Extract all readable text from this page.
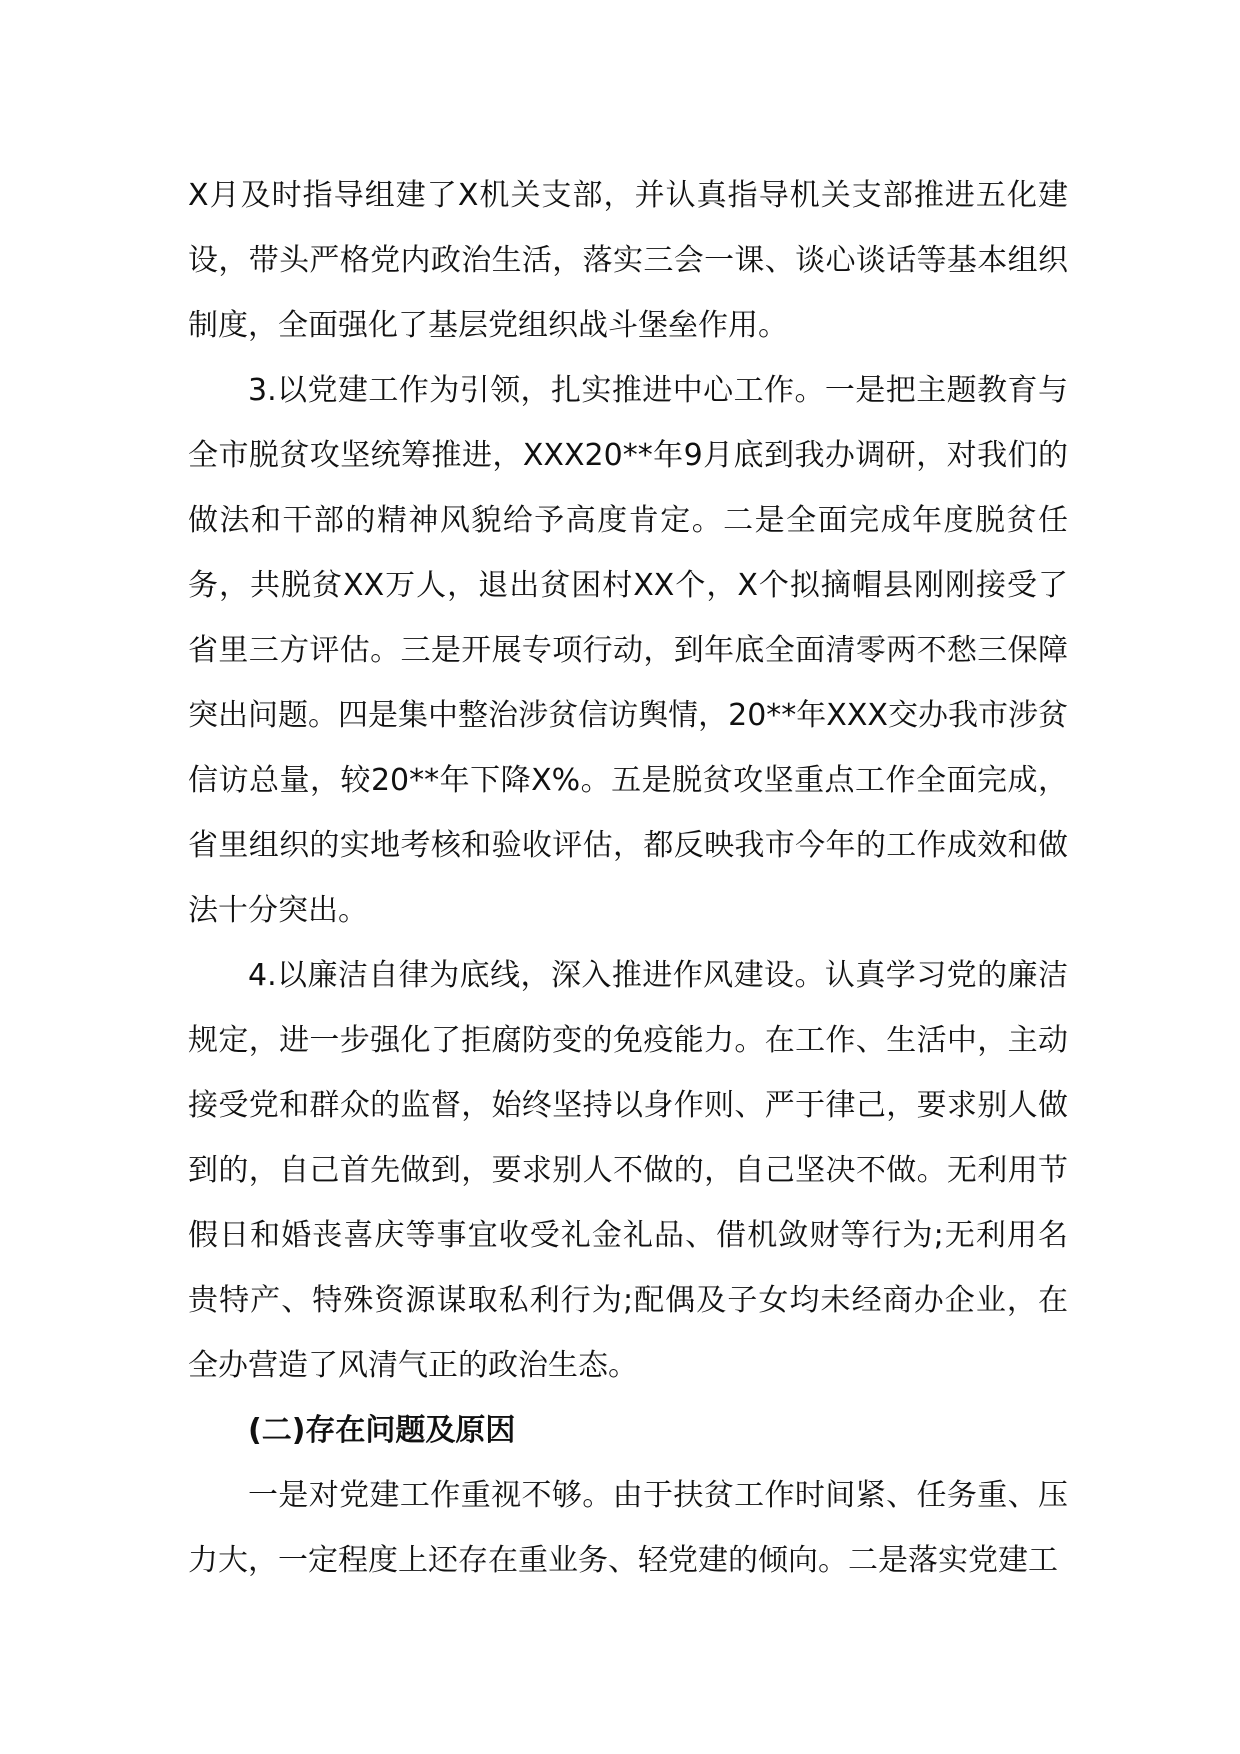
X月及时指导组建了X机关支部，并认真指导机关支部推进五化建设，带头严格党内政治生活，落实三会一课、谈心谈话等基本组织制度，全面强化了基层党组织战斗堡垒作用。

3.以党建工作为引领，扎实推进中心工作。一是把主题教育与全市脱贫攻坚统筹推进，XXX20**年9月底到我办调研，对我们的做法和干部的精神风貌给予高度肯定。二是全面完成年度脱贫任务，共脱贫XX万人，退出贫困村XX个，X个拟摘帽县刚刚接受了省里三方评估。三是开展专项行动，到年底全面清零两不愁三保障突出问题。四是集中整治涉贫信访舆情，20**年XXX交办我市涉贫信访总量，较20**年下降X%。五是脱贫攻坚重点工作全面完成，省里组织的实地考核和验收评估，都反映我市今年的工作成效和做法十分突出。

4.以廉洁自律为底线，深入推进作风建设。认真学习党的廉洁规定，进一步强化了拒腐防变的免疫能力。在工作、生活中，主动接受党和群众的监督，始终坚持以身作则、严于律己，要求别人做到的，自己首先做到，要求别人不做的，自己坚决不做。无利用节假日和婚丧喜庆等事宜收受礼金礼品、借机敛财等行为;无利用名贵特产、特殊资源谋取私利行为;配偶及子女均未经商办企业，在全办营造了风清气正的政治生态。

(二)存在问题及原因

一是对党建工作重视不够。由于扶贫工作时间紧、任务重、压力大，一定程度上还存在重业务、轻党建的倾向。二是落实党建工
